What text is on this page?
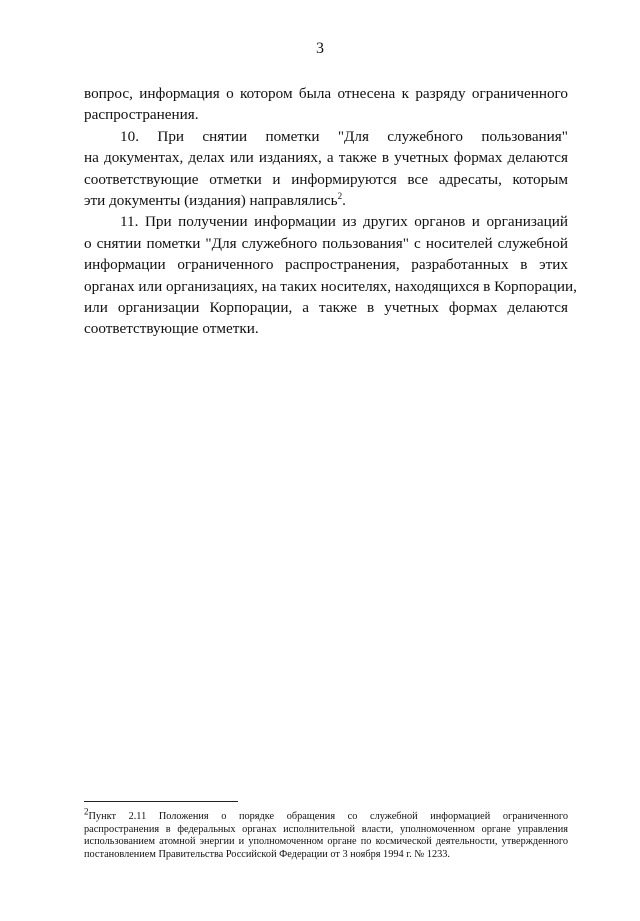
3
вопрос, информация о котором была отнесена к разряду ограниченного
распространения.
10. При снятии пометки "Для служебного пользования"
на документах, делах или изданиях, а также в учетных формах делаются
соответствующие отметки и информируются все адресаты, которым
эти документы (издания) направлялись$^2$.
11. При получении информации из других органов и организаций
о снятии пометки "Для служебного пользования" с носителей служебной
информации ограниченного распространения, разработанных в этих
органах или организациях, на таких носителях, находящихся в Корпорации,
или организации Корпорации, а также в учетных формах делаются
соответствующие отметки.
$^2$Пункт 2.11 Положения о порядке обращения со служебной информацией ограниченного
распространения в федеральных органах исполнительной власти, уполномоченном органе управления
использованием атомной энергии и уполномоченном органе по космической деятельности, утвержденного
постановлением Правительства Российской Федерации от 3 ноября 1994 г. № 1233.
